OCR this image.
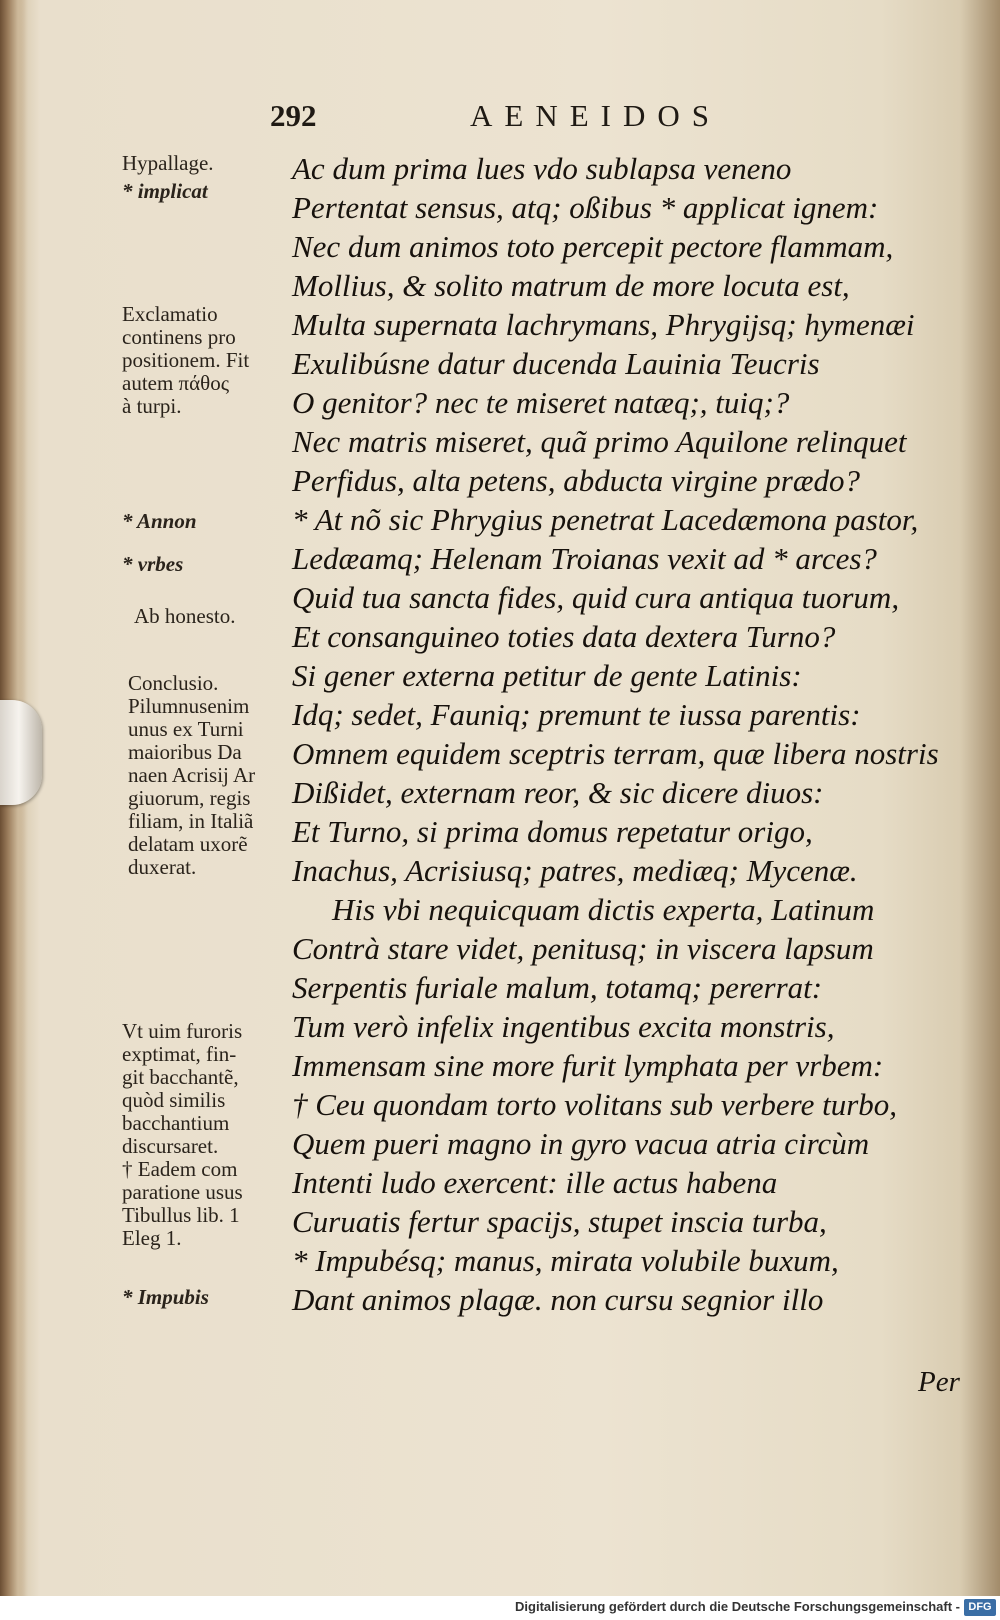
292	AENEIDOS
Hypallage.
* implicat
Exclamatio
continens pro
positionem. Fit
autem πάθος
à turpi.
* Annon
* vrbes
Ab honesto.
Conclusio.
Pilumnusenim
unus ex Turni
maioribus Da
naen Acrisij Ar
giuorum, regis
filiam, in Italiã
delatam uxorẽ
duxerat.
Vt uim furoris
exptimat, fin-
git bacchantẽ,
quòd similis
bacchantium
discursaret.
† Eadem com
paratione usus
Tibullus lib. 1
Eleg 1.
* Impubis
Ac dum prima lues vdo sublapsa veneno
Pertentat sensus, atq; oßibus * applicat ignem:
Nec dum animos toto percepit pectore flammam,
Mollius, & solito matrum de more locuta est,
Multa supernata lachrymans, Phrygijsq; hymenæi
Exulibúsne datur ducenda Lauinia Teucris
O genitor? nec te miseret natæq;, tuiq;?
Nec matris miseret, quã primo Aquilone relinquet
Perfidus, alta petens, abducta virgine prædo?
* At nõ sic Phrygius penetrat Lacedæmona pastor,
Ledæamq; Helenam Troianas vexit ad * arces?
Quid tua sancta fides, quid cura antiqua tuorum,
Et consanguineo toties data dextera Turno?
Si gener externa petitur de gente Latinis:
Idq; sedet, Fauniq; premunt te iussa parentis:
Omnem equidem sceptris terram, quæ libera nostris
Dißidet, externam reor, & sic dicere diuos:
Et Turno, si prima domus repetatur origo,
Inachus, Acrisiusq; patres, mediæq; Mycenæ.
His vbi nequicquam dictis experta, Latinum
Contrà stare videt, penitusq; in viscera lapsum
Serpentis furiale malum, totamq; pererrat:
Tum verò infelix ingentibus excita monstris,
Immensam sine more furit lymphata per vrbem:
† Ceu quondam torto volitans sub verbere turbo,
Quem pueri magno in gyro vacua atria circùm
Intenti ludo exercent: ille actus habena
Curuatis fertur spacijs, stupet inscia turba,
* Impubésq; manus, mirata volubile buxum,
Dant animos plagæ. non cursu segnior illo
Per
Digitalisierung gefördert durch die Deutsche Forschungsgemeinschaft - DFG
